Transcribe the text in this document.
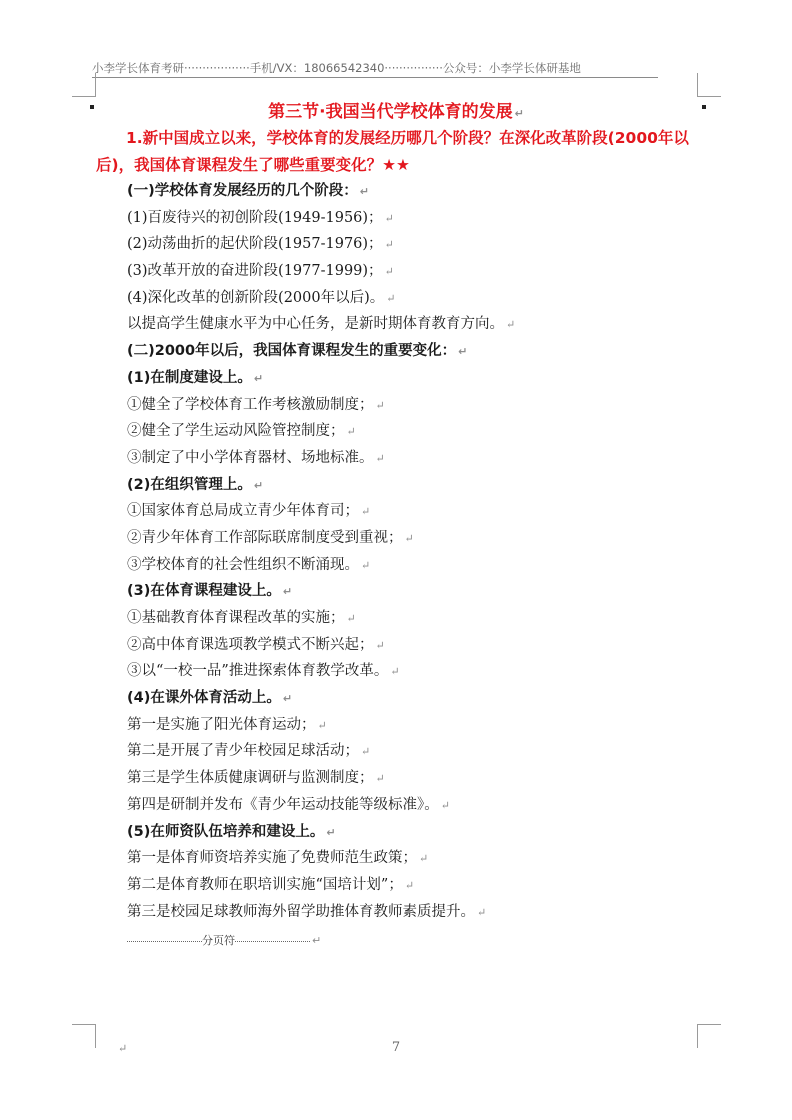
小李学长体育考研··················手机/VX：18066542340················公众号：小李学长体研基地
第三节·我国当代学校体育的发展 ↵
1.新中国成立以来，学校体育的发展经历哪几个阶段？在深化改革阶段(2000年以后)，我国体育课程发生了哪些重要变化？★★
(一)学校体育发展经历的几个阶段： ↵
(1)百废待兴的初创阶段(1949-1956)； ↵
(2)动荡曲折的起伏阶段(1957-1976)； ↵
(3)改革开放的奋进阶段(1977-1999)； ↵
(4)深化改革的创新阶段(2000年以后)。 ↵
以提高学生健康水平为中心任务，是新时期体育教育方向。 ↵
(二)2000年以后，我国体育课程发生的重要变化： ↵
(1)在制度建设上。 ↵
①健全了学校体育工作考核激励制度； ↵
②健全了学生运动风险管控制度； ↵
③制定了中小学体育器材、场地标准。 ↵
(2)在组织管理上。 ↵
①国家体育总局成立青少年体育司； ↵
②青少年体育工作部际联席制度受到重视； ↵
③学校体育的社会性组织不断涌现。 ↵
(3)在体育课程建设上。 ↵
①基础教育体育课程改革的实施； ↵
②高中体育课选项教学模式不断兴起； ↵
③以“一校一品”推进探索体育教学改革。 ↵
(4)在课外体育活动上。 ↵
第一是实施了阳光体育运动； ↵
第二是开展了青少年校园足球活动； ↵
第三是学生体质健康调研与监测制度； ↵
第四是研制并发布《青少年运动技能等级标准》。 ↵
(5)在师资队伍培养和建设上。 ↵
第一是体育师资培养实施了免费师范生政策； ↵
第二是体育教师在职培训实施“国培计划”； ↵
第三是校园足球教师海外留学助推体育教师素质提升。 ↵
分页符	↵
↵	7
